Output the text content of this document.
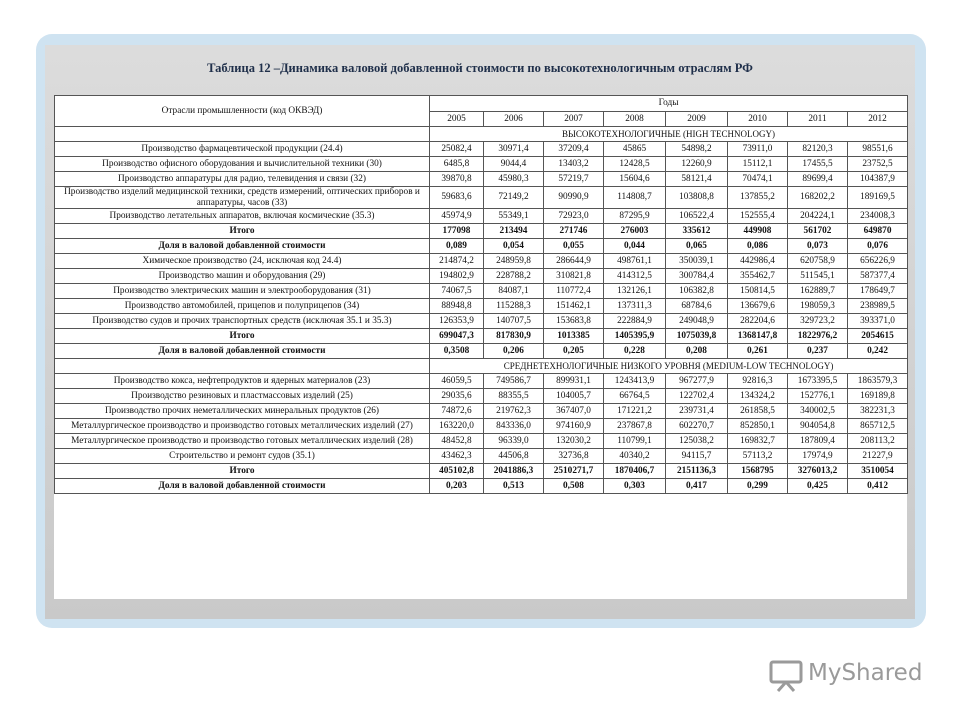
Таблица 12 –Динамика валовой добавленной стоимости по высокотехнологичным отраслям РФ
Отрасли промышленности (код ОКВЭД)	Годы							
	2005	2006	2007	2008	2009	2010	2011	2012
	ВЫСОКОТЕХНОЛОГИЧНЫЕ (HIGH TECHNOLOGY)							
Производство фармацевтической продукции (24.4)	25082,4	30971,4	37209,4	45865	54898,2	73911,0	82120,3	98551,6
Производство офисного оборудования и вычислительной техники (30)	6485,8	9044,4	13403,2	12428,5	12260,9	15112,1	17455,5	23752,5
Производство аппаратуры для радио, телевидения и связи (32)	39870,8	45980,3	57219,7	15604,6	58121,4	70474,1	89699,4	104387,9
Производство изделий медицинской техники, средств измерений, оптических приборов и аппаратуры, часов (33)	59683,6	72149,2	90990,9	114808,7	103808,8	137855,2	168202,2	189169,5
Производство летательных аппаратов, включая космические (35.3)	45974,9	55349,1	72923,0	87295,9	106522,4	152555,4	204224,1	234008,3
Итого	177098	213494	271746	276003	335612	449908	561702	649870
Доля в валовой добавленной стоимости	0,089	0,054	0,055	0,044	0,065	0,086	0,073	0,076
Химическое производство (24, исключая код 24.4)	214874,2	248959,8	286644,9	498761,1	350039,1	442986,4	620758,9	656226,9
Производство машин и оборудования (29)	194802,9	228788,2	310821,8	414312,5	300784,4	355462,7	511545,1	587377,4
Производство электрических машин и электрооборудования (31)	74067,5	84087,1	110772,4	132126,1	106382,8	150814,5	162889,7	178649,7
Производство автомобилей, прицепов и полуприцепов (34)	88948,8	115288,3	151462,1	137311,3	68784,6	136679,6	198059,3	238989,5
Производство судов и прочих транспортных средств (исключая 35.1 и 35.3)	126353,9	140707,5	153683,8	222884,9	249048,9	282204,6	329723,2	393371,0
Итого	699047,3	817830,9	1013385	1405395,9	1075039,8	1368147,8	1822976,2	2054615
Доля в валовой добавленной стоимости	0,3508	0,206	0,205	0,228	0,208	0,261	0,237	0,242
	СРЕДНЕТЕХНОЛОГИЧНЫЕ НИЗКОГО УРОВНЯ (MEDIUM-LOW TECHNOLOGY)							
Производство кокса, нефтепродуктов и ядерных материалов (23)	46059,5	749586,7	899931,1	1243413,9	967277,9	92816,3	1673395,5	1863579,3
Производство резиновых и пластмассовых изделий (25)	29035,6	88355,5	104005,7	66764,5	122702,4	134324,2	152776,1	169189,8
Производство прочих неметаллических минеральных продуктов (26)	74872,6	219762,3	367407,0	171221,2	239731,4	261858,5	340002,5	382231,3
Металлургическое производство и производство готовых металлических изделий (27)	163220,0	843336,0	974160,9	237867,8	602270,7	852850,1	904054,8	865712,5
Металлургическое производство и производство готовых металлических изделий (28)	48452,8	96339,0	132030,2	110799,1	125038,2	169832,7	187809,4	208113,2
Строительство и ремонт судов (35.1)	43462,3	44506,8	32736,8	40340,2	94115,7	57113,2	17974,9	21227,9
Итого	405102,8	2041886,3	2510271,7	1870406,7	2151136,3	1568795	3276013,2	3510054
Доля в валовой добавленной стоимости	0,203	0,513	0,508	0,303	0,417	0,299	0,425	0,412
MyShared
